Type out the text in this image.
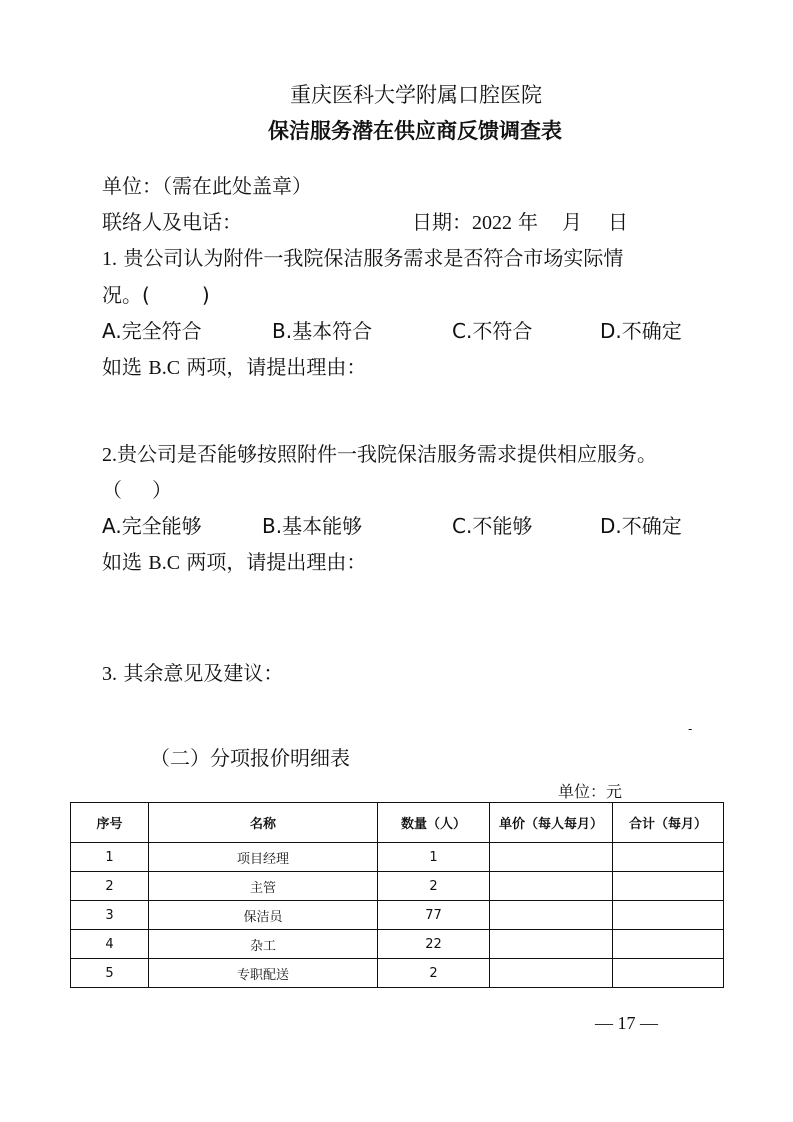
重庆医科大学附属口腔医院
保洁服务潜在供应商反馈调查表
单位：（需在此处盖章）
联络人及电话：	日期：2022 年 月 日
1. 贵公司认为附件一我院保洁服务需求是否符合市场实际情
况。(	)
A.完全符合	B.基本符合	C.不符合	D.不确定
如选 B.C 两项，请提出理由：
2.贵公司是否能够按照附件一我院保洁服务需求提供相应服务。
（ ）
A.完全能够	B.基本能够	C.不能够	D.不确定
如选 B.C 两项，请提出理由：
3. 其余意见及建议：
-
（二）分项报价明细表
单位：元
序号	名称	数量（人）	单价（每人每月）	合计（每月）
1	项目经理	1		
2	主管	2		
3	保洁员	77		
4	杂工	22		
5	专职配送	2		
— 17 —
